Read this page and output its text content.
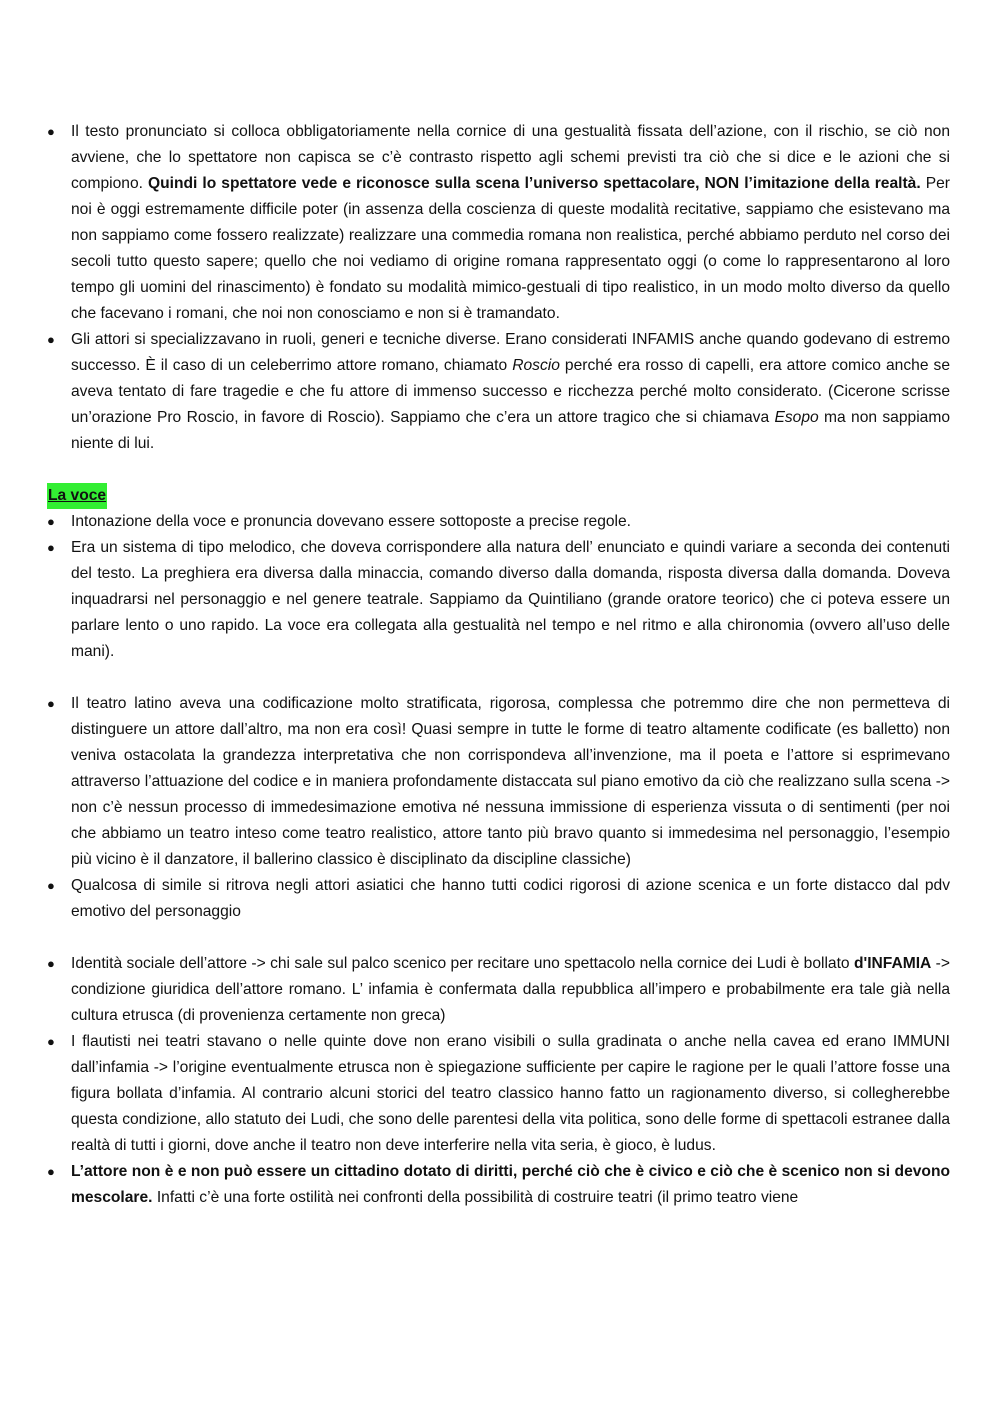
●	Il testo pronunciato si colloca obbligatoriamente nella cornice di una gestualità fissata dell’azione, con il rischio, se ciò non avviene, che lo spettatore non capisca se c’è contrasto rispetto agli schemi previsti tra ciò che si dice e le azioni che si compiono. Quindi lo spettatore vede e riconosce sulla scena l’universo spettacolare, NON l’imitazione della realtà. Per noi è oggi estremamente difficile poter (in assenza della coscienza di queste modalità recitative, sappiamo che esistevano ma non sappiamo come fossero realizzate) realizzare una commedia romana non realistica, perché abbiamo perduto nel corso dei secoli tutto questo sapere; quello che noi vediamo di origine romana rappresentato oggi (o come lo rappresentarono al loro tempo gli uomini del rinascimento) è fondato su modalità mimico-gestuali di tipo realistico, in un modo molto diverso da quello che facevano i romani, che noi non conosciamo e non si è tramandato.
●	Gli attori si specializzavano in ruoli, generi e tecniche diverse. Erano considerati INFAMIS anche quando godevano di estremo successo. È il caso di un celeberrimo attore romano, chiamato Roscio perché era rosso di capelli, era attore comico anche se aveva tentato di fare tragedie e che fu attore di immenso successo e ricchezza perché molto considerato. (Cicerone scrisse un’orazione Pro Roscio, in favore di Roscio). Sappiamo che c’era un attore tragico che si chiamava Esopo ma non sappiamo niente di lui.
La voce
●	Intonazione della voce e pronuncia dovevano essere sottoposte a precise regole.
●	Era un sistema di tipo melodico, che doveva corrispondere alla natura dell’ enunciato e quindi variare a seconda dei contenuti del testo. La preghiera era diversa dalla minaccia, comando diverso dalla domanda, risposta diversa dalla domanda. Doveva inquadrarsi nel personaggio e nel genere teatrale. Sappiamo da Quintiliano (grande oratore teorico) che ci poteva essere un parlare lento o uno rapido. La voce era collegata alla gestualità nel tempo e nel ritmo e alla chironomia (ovvero all’uso delle mani).
●	Il teatro latino aveva una codificazione molto stratificata, rigorosa, complessa che potremmo dire che non permetteva di distinguere un attore dall’altro, ma non era così! Quasi sempre in tutte le forme di teatro altamente codificate (es balletto) non veniva ostacolata la grandezza interpretativa che non corrispondeva all’invenzione, ma il poeta e l’attore si esprimevano attraverso l’attuazione del codice e in maniera profondamente distaccata sul piano emotivo da ciò che realizzano sulla scena -> non c’è nessun processo di immedesimazione emotiva né nessuna immissione di esperienza vissuta o di sentimenti (per noi che abbiamo un teatro inteso come teatro realistico, attore tanto più bravo quanto si immedesima nel personaggio, l’esempio più vicino è il danzatore, il ballerino classico è disciplinato da discipline classiche)
●	Qualcosa di simile si ritrova negli attori asiatici che hanno tutti codici rigorosi di azione scenica e un forte distacco dal pdv emotivo del personaggio
●	Identità sociale dell’attore -> chi sale sul palco scenico per recitare uno spettacolo nella cornice dei Ludi è bollato d'INFAMIA -> condizione giuridica dell’attore romano. L’ infamia è confermata dalla repubblica all’impero e probabilmente era tale già nella cultura etrusca (di provenienza certamente non greca)
●	I flautisti nei teatri stavano o nelle quinte dove non erano visibili o sulla gradinata o anche nella cavea ed erano IMMUNI dall’infamia -> l’origine eventualmente etrusca non è spiegazione sufficiente per capire le ragione per le quali l’attore fosse una figura bollata d’infamia. Al contrario alcuni storici del teatro classico hanno fatto un ragionamento diverso, si collegherebbe questa condizione, allo statuto dei Ludi, che sono delle parentesi della vita politica, sono delle forme di spettacoli estranee dalla realtà di tutti i giorni, dove anche il teatro non deve interferire nella vita seria, è gioco, è ludus.
●	L’attore non è e non può essere un cittadino dotato di diritti, perché ciò che è civico e ciò che è scenico non si devono mescolare. Infatti c’è una forte ostilità nei confronti della possibilità di costruire teatri (il primo teatro viene
